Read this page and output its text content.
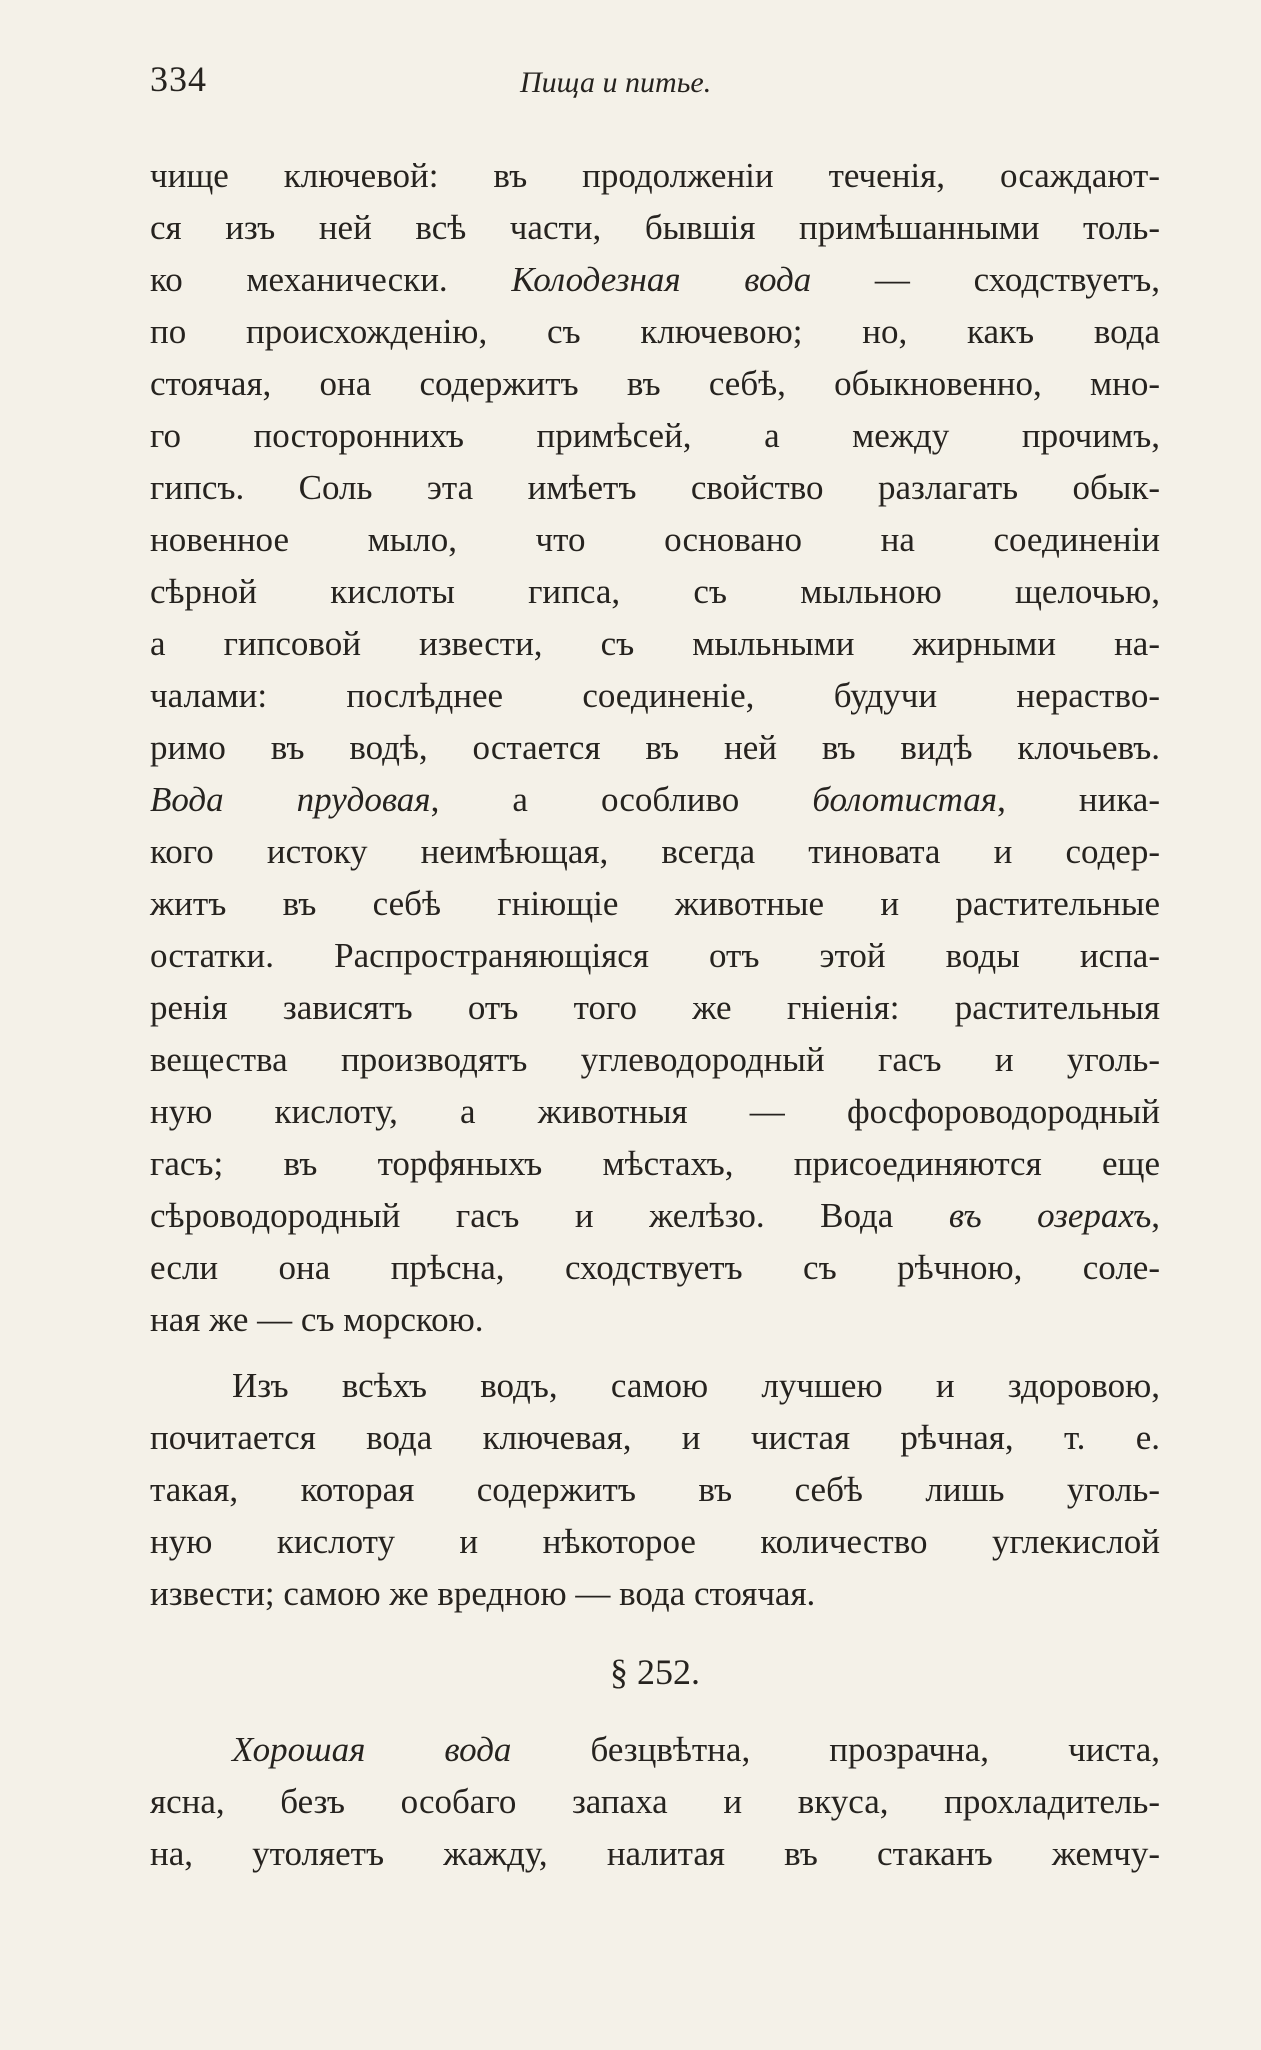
334	Пища и питье.
чище ключевой: въ продолженіи теченія, осаждают-
ся изъ ней всѣ части, бывшія примѣшанными толь-
ко механически. Колодезная вода — сходствуетъ,
по происхожденію, съ ключевою; но, какъ вода
стоячая, она содержитъ въ себѣ, обыкновенно, мно-
го постороннихъ примѣсей, а между прочимъ,
гипсъ. Соль эта имѣетъ свойство разлагать обык-
новенное мыло, что основано на соединеніи
сѣрной кислоты гипса, съ мыльною щелочью,
а гипсовой извести, съ мыльными жирными на-
чалами: послѣднее соединеніе, будучи нераство-
римо въ водѣ, остается въ ней въ видѣ клочьевъ.
Вода прудовая, а особливо болотистая, ника-
кого истоку неимѣющая, всегда тиновата и содер-
житъ въ себѣ гніющіе животные и растительные
остатки. Распространяющіяся отъ этой воды испа-
ренія зависятъ отъ того же гніенія: растительныя
вещества производятъ углеводородный гасъ и уголь-
ную кислоту, а животныя — фосфороводородный
гасъ; въ торфяныхъ мѣстахъ, присоединяются еще
сѣроводородный гасъ и желѣзо. Вода въ озерахъ,
если она прѣсна, сходствуетъ съ рѣчною, соле-
ная же — съ морскою.
Изъ всѣхъ водъ, самою лучшею и здоровою,
почитается вода ключевая, и чистая рѣчная, т. е.
такая, которая содержитъ въ себѣ лишь уголь-
ную кислоту и нѣкоторое количество углекислой
извести; самою же вредною — вода стоячая.
§ 252.
Хорошая вода безцвѣтна, прозрачна, чиста,
ясна, безъ особаго запаха и вкуса, прохладитель-
на, утоляетъ жажду, налитая въ стаканъ жемчу-
